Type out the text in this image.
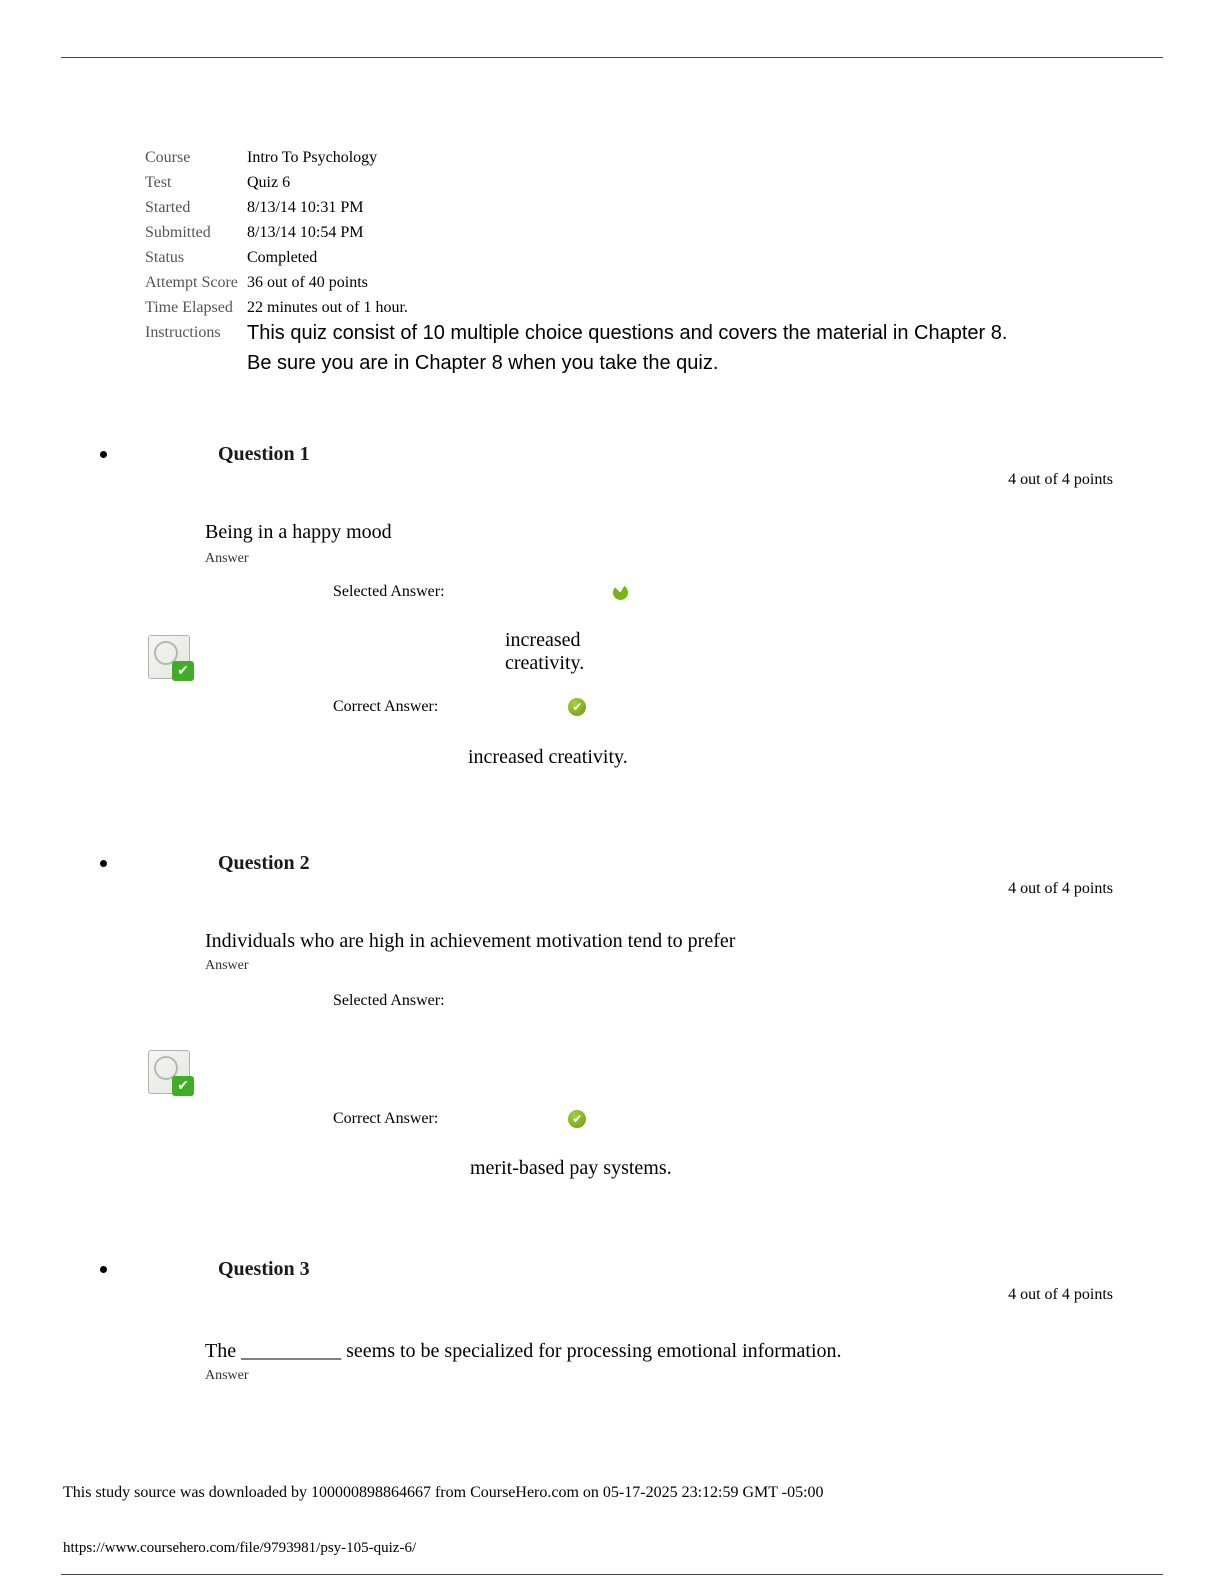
Course	Intro To Psychology
Test	Quiz 6
Started	8/13/14 10:31 PM
Submitted	8/13/14 10:54 PM
Status	Completed
Attempt Score 36 out of 40 points
Time Elapsed 22 minutes out of 1 hour.
Instructions	This quiz consist of 10 multiple choice questions and covers the material in Chapter 8. Be sure you are in Chapter 8 when you take the quiz.
Question 1
4 out of 4 points
Being in a happy mood
Answer
Selected Answer:
increased creativity.
✔
Correct Answer:	✔
increased creativity.
Question 2
4 out of 4 points
Individuals who are high in achievement motivation tend to prefer
Answer
Selected Answer:
✔
Correct Answer:	✔
merit-based pay systems.
Question 3
4 out of 4 points
The __________ seems to be specialized for processing emotional information.
Answer
This study source was downloaded by 100000898864667 from CourseHero.com on 05-17-2025 23:12:59 GMT -05:00
https://www.coursehero.com/file/9793981/psy-105-quiz-6/
